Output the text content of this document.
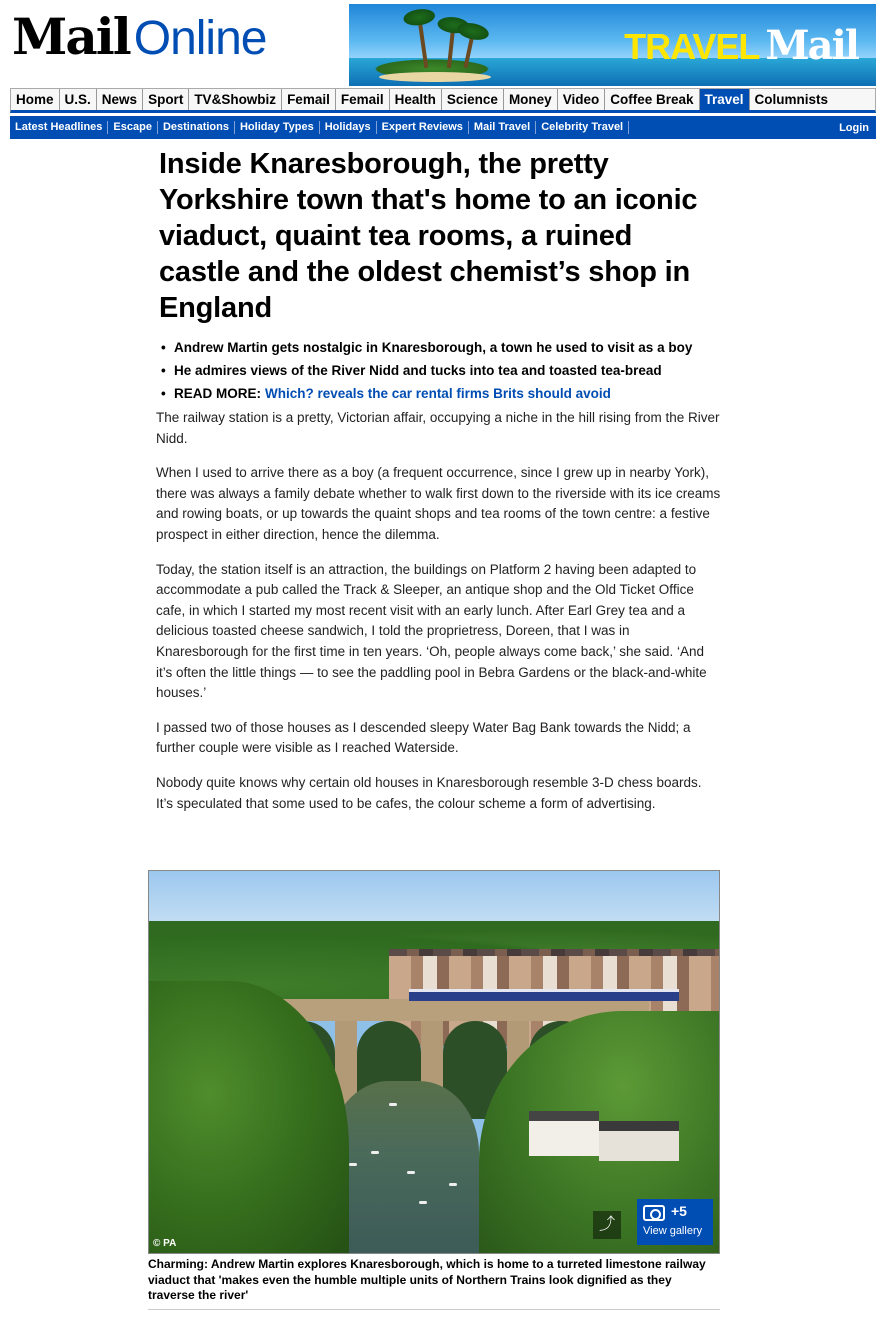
Mail Online	TRAVEL Mail
Home U.S. News Sport TV&Showbiz Femail Femail Health Science Money Video Coffee Break Travel Columnists
Latest Headlines	Escape	Destinations	Holiday Types	Holidays	Expert Reviews	Mail Travel	Celebrity Travel	Login
Inside Knaresborough, the pretty Yorkshire town that's home to an iconic viaduct, quaint tea rooms, a ruined castle and the oldest chemist’s shop in England
• Andrew Martin gets nostalgic in Knaresborough, a town he used to visit as a boy
• He admires views of the River Nidd and tucks into tea and toasted tea-bread
• READ MORE: Which? reveals the car rental firms Brits should avoid

The railway station is a pretty, Victorian affair, occupying a niche in the hill rising from the River Nidd.

When I used to arrive there as a boy (a frequent occurrence, since I grew up in nearby York), there was always a family debate whether to walk first down to the riverside with its ice creams and rowing boats, or up towards the quaint shops and tea rooms of the town centre: a festive prospect in either direction, hence the dilemma.

Today, the station itself is an attraction, the buildings on Platform 2 having been adapted to accommodate a pub called the Track & Sleeper, an antique shop and the Old Ticket Office cafe, in which I started my most recent visit with an early lunch. After Earl Grey tea and a delicious toasted cheese sandwich, I told the proprietress, Doreen, that I was in Knaresborough for the first time in ten years. ‘Oh, people always come back,’ she said. ‘And it’s often the little things — to see the paddling pool in Bebra Gardens or the black-and-white houses.’

I passed two of those houses as I descended sleepy Water Bag Bank towards the Nidd; a further couple were visible as I reached Waterside.

Nobody quite knows why certain old houses in Knaresborough resemble 3-D chess boards. It’s speculated that some used to be cafes, the colour scheme a form of advertising.

© PA
⤴
+5
View gallery
Charming: Andrew Martin explores Knaresborough, which is home to a turreted limestone railway viaduct that 'makes even the humble multiple units of Northern Trains look dignified as they traverse the river'
